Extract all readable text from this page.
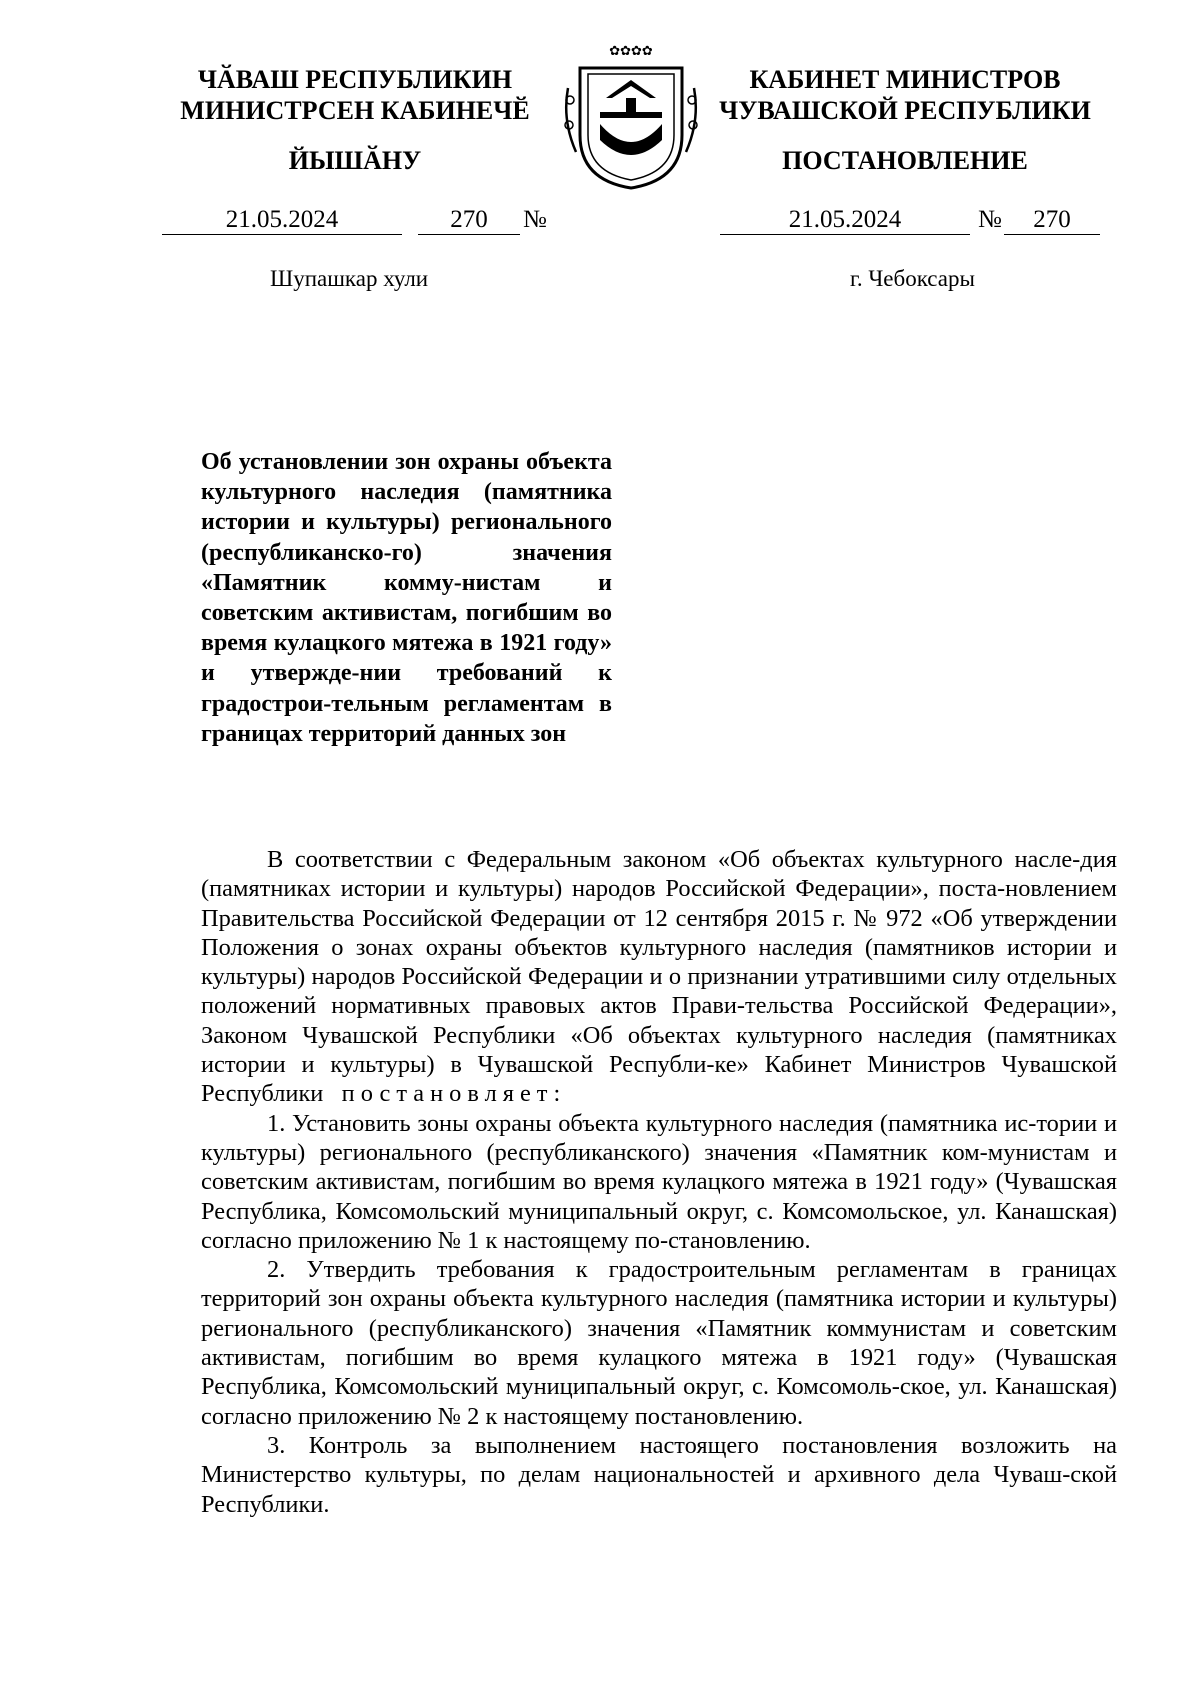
ЧӐВАШ РЕСПУБЛИКИН
МИНИСТРСЕН КАБИНЕЧӖ
ЙЫШӐНУ
✿✿✿✿
КАБИНЕТ МИНИСТРОВ
ЧУВАШСКОЙ РЕСПУБЛИКИ
ПОСТАНОВЛЕНИЕ
21.05.2024	270	№	21.05.2024	№	270
Шупашкар хули	г. Чебоксары
Об установлении зон охраны объекта культурного наследия (памятника истории и культуры) регионального (республиканско-го) значения «Памятник комму-нистам и советским активистам, погибшим во время кулацкого мятежа в 1921 году» и утвержде-нии требований к градострои-тельным регламентам в границах территорий данных зон

В соответствии с Федеральным законом «Об объектах культурного насле-дия (памятниках истории и культуры) народов Российской Федерации», поста-новлением Правительства Российской Федерации от 12 сентября 2015 г. № 972 «Об утверждении Положения о зонах охраны объектов культурного наследия (памятников истории и культуры) народов Российской Федерации и о признании утратившими силу отдельных положений нормативных правовых актов Прави-тельства Российской Федерации», Законом Чувашской Республики «Об объектах культурного наследия (памятниках истории и культуры) в Чувашской Республи-ке» Кабинет Министров Чувашской Республики постановляет:

1. Установить зоны охраны объекта культурного наследия (памятника ис-тории и культуры) регионального (республиканского) значения «Памятник ком-мунистам и советским активистам, погибшим во время кулацкого мятежа в 1921 году» (Чувашская Республика, Комсомольский муниципальный округ, с. Комсомольское, ул. Канашская) согласно приложению № 1 к настоящему по-становлению.

2. Утвердить требования к градостроительным регламентам в границах территорий зон охраны объекта культурного наследия (памятника истории и культуры) регионального (республиканского) значения «Памятник коммунистам и советским активистам, погибшим во время кулацкого мятежа в 1921 году» (Чувашская Республика, Комсомольский муниципальный округ, с. Комсомоль-ское, ул. Канашская) согласно приложению № 2 к настоящему постановлению.

3. Контроль за выполнением настоящего постановления возложить на Министерство культуры, по делам национальностей и архивного дела Чуваш-ской Республики.
